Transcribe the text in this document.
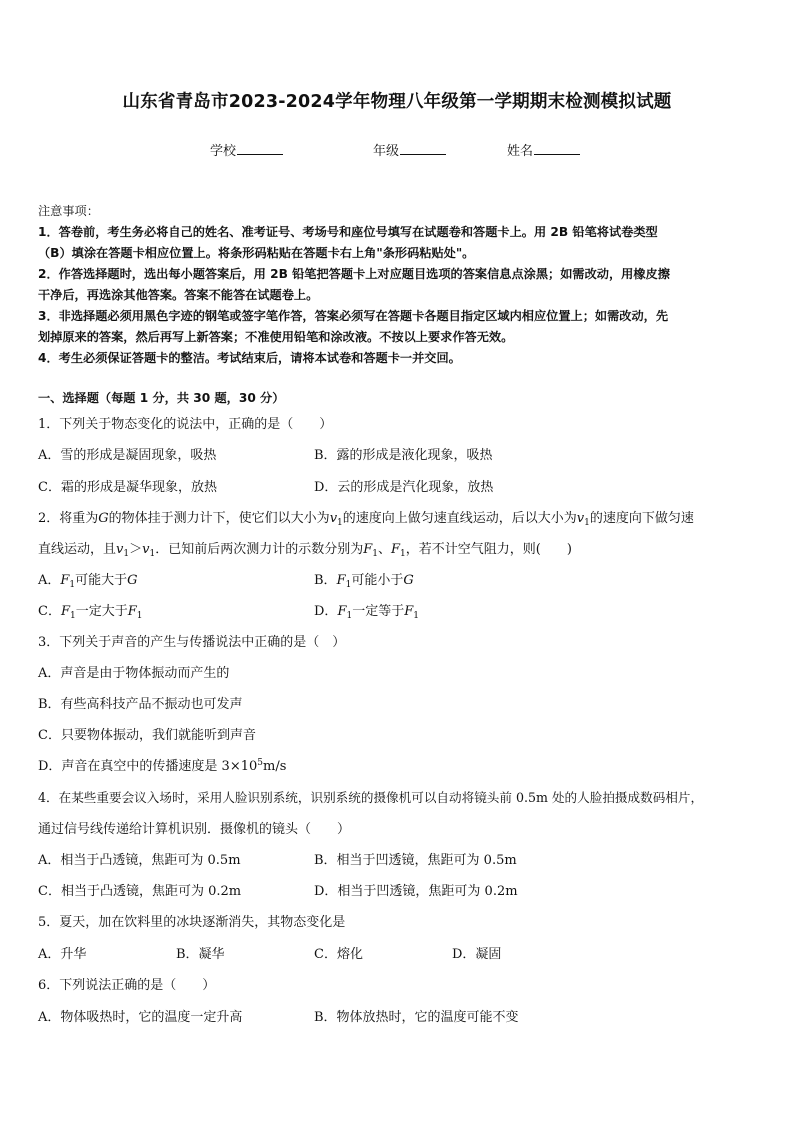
山东省青岛市2023-2024学年物理八年级第一学期期末检测模拟试题
学校	年级	姓名
注意事项：
1．答卷前，考生务必将自己的姓名、准考证号、考场号和座位号填写在试题卷和答题卡上。用 2B 铅笔将试卷类型
（B）填涂在答题卡相应位置上。将条形码粘贴在答题卡右上角"条形码粘贴处"。
2．作答选择题时，选出每小题答案后，用 2B 铅笔把答题卡上对应题目选项的答案信息点涂黑；如需改动，用橡皮擦
干净后，再选涂其他答案。答案不能答在试题卷上。
3．非选择题必须用黑色字迹的钢笔或签字笔作答，答案必须写在答题卡各题目指定区域内相应位置上；如需改动，先
划掉原来的答案，然后再写上新答案；不准使用铅笔和涂改液。不按以上要求作答无效。
4．考生必须保证答题卡的整洁。考试结束后，请将本试卷和答题卡一并交回。
一、选择题（每题 1 分，共 30 题，30 分）
1．下列关于物态变化的说法中，正确的是（　　）
A．雪的形成是凝固现象，吸热	B．露的形成是液化现象，吸热
C．霜的形成是凝华现象，放热	D．云的形成是汽化现象，放热
2．将重为G的物体挂于测力计下，使它们以大小为$v_1$的速度向上做匀速直线运动，后以大小为$v_1$的速度向下做匀速
直线运动，且$v_1>v_1$．已知前后两次测力计的示数分别为$F_1$、$F_1$，若不计空气阻力，则(　　)
A．$F_1$可能大于G	B．$F_1$可能小于G
C．$F_1$一定大于$F_1$	D．$F_1$一定等于$F_1$
3．下列关于声音的产生与传播说法中正确的是（　）
A．声音是由于物体振动而产生的
B．有些高科技产品不振动也可发声
C．只要物体振动，我们就能听到声音
D．声音在真空中的传播速度是 $3\times 10^5m/s$
4．在某些重要会议入场时，采用人脸识别系统，识别系统的摄像机可以自动将镜头前 0.5m 处的人脸拍摄成数码相片，
通过信号线传递给计算机识别．摄像机的镜头（　　）
A．相当于凸透镜，焦距可为 0.5m	B．相当于凹透镜，焦距可为 0.5m
C．相当于凸透镜，焦距可为 0.2m	D．相当于凹透镜，焦距可为 0.2m
5．夏天，加在饮料里的冰块逐渐消失，其物态变化是
A．升华	B．凝华	C．熔化	D．凝固
6．下列说法正确的是（　　）
A．物体吸热时，它的温度一定升高	B．物体放热时，它的温度可能不变
